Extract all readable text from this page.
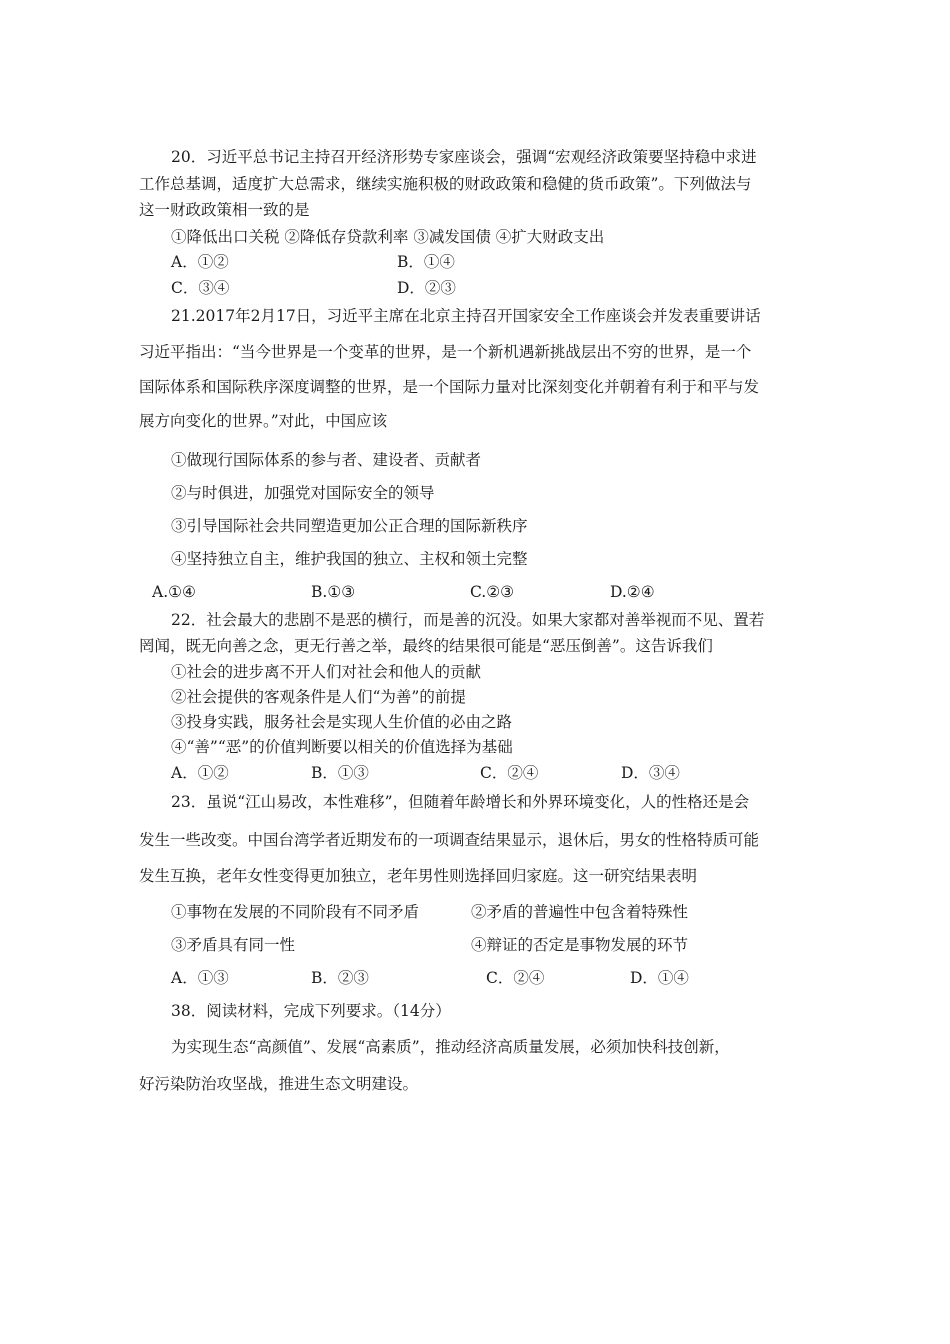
20．习近平总书记主持召开经济形势专家座谈会，强调“宏观经济政策要坚持稳中求进
工作总基调，适度扩大总需求，继续实施积极的财政政策和稳健的货币政策”。下列做法与
这一财政政策相一致的是
①降低出口关税 ②降低存贷款利率 ③减发国债 ④扩大财政支出
A．①②	B．①④
C．③④	D．②③
21.2017年2月17日，习近平主席在北京主持召开国家安全工作座谈会并发表重要讲话
习近平指出：“当今世界是一个变革的世界，是一个新机遇新挑战层出不穷的世界，是一个
国际体系和国际秩序深度调整的世界，是一个国际力量对比深刻变化并朝着有利于和平与发
展方向变化的世界。”对此，中国应该
①做现行国际体系的参与者、建设者、贡献者
②与时俱进，加强党对国际安全的领导
③引导国际社会共同塑造更加公正合理的国际新秩序
④坚持独立自主，维护我国的独立、主权和领土完整
A.①④	B.①③	C.②③	D.②④
22．社会最大的悲剧不是恶的横行，而是善的沉没。如果大家都对善举视而不见、置若
罔闻，既无向善之念，更无行善之举，最终的结果很可能是“恶压倒善”。这告诉我们
①社会的进步离不开人们对社会和他人的贡献
②社会提供的客观条件是人们“为善”的前提
③投身实践，服务社会是实现人生价值的必由之路
④“善”“恶”的价值判断要以相关的价值选择为基础
A．①②	B．①③	C．②④	D．③④
23．虽说“江山易改，本性难移”，但随着年龄增长和外界环境变化，人的性格还是会
发生一些改变。中国台湾学者近期发布的一项调查结果显示，退休后，男女的性格特质可能
发生互换，老年女性变得更加独立，老年男性则选择回归家庭。这一研究结果表明
①事物在发展的不同阶段有不同矛盾	②矛盾的普遍性中包含着特殊性
③矛盾具有同一性	④辩证的否定是事物发展的环节
A．①③	B．②③	C．②④	D．①④
38．阅读材料，完成下列要求。（14分）
为实现生态“高颜值”、发展“高素质”，推动经济高质量发展，必须加快科技创新，
好污染防治攻坚战，推进生态文明建设。
